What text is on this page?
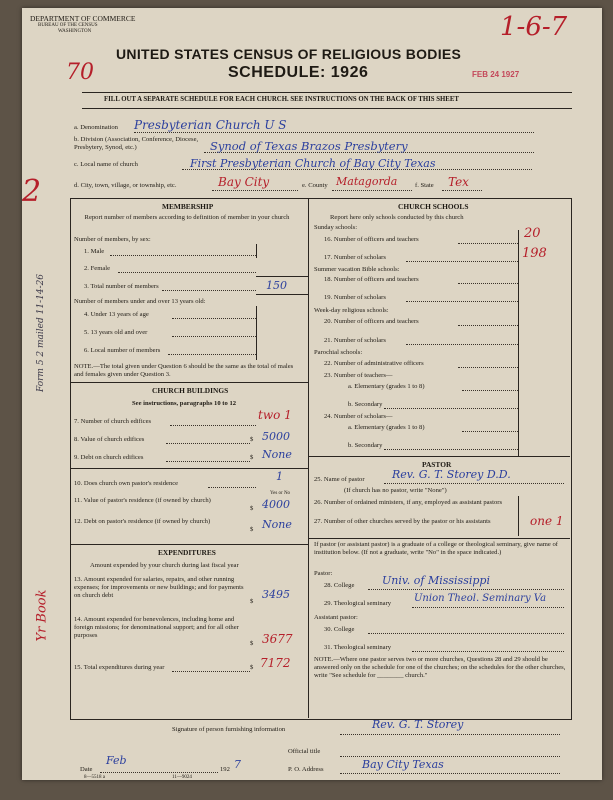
DEPARTMENT OF COMMERCE
BUREAU OF THE CENSUS
WASHINGTON
70
1-6-7
FEB 24 1927
UNITED STATES CENSUS OF RELIGIOUS BODIES
SCHEDULE: 1926
FILL OUT A SEPARATE SCHEDULE FOR EACH CHURCH. SEE INSTRUCTIONS ON THE BACK OF THIS SHEET
a. Denomination Presbyterian Church U S
b. Division (Association, Conference, Diocese, Presbytery, Synod, etc.)	Synod of Texas Brazos Presbytery
c. Local name of church	First Presbyterian Church of Bay City Texas
d. City, town, village, or township, etc.	Bay City	e. County Matagorda	f. State Tex
2
Form 5 2 mailed 11-14-26
Yr Book
MEMBERSHIP
Report number of members according to definition of member in your church
Number of members, by sex:
1. Male
2. Female
3. Total number of members	150
Number of members under and over 13 years old:
4. Under 13 years of age
5. 13 years old and over
6. Local number of members
NOTE.—The total given under Question 6 should be the same as the total of males and females given under Question 3.
CHURCH BUILDINGS
See instructions, paragraphs 10 to 12
7. Number of church edifices	two 1
8. Value of church edifices	$ 5000
9. Debt on church edifices	$ None
10. Does church own pastor's residence
Yes or No
1
11. Value of pastor's residence (if owned by church)
$ 4000
12. Debt on pastor's residence (if owned by church)
$ None
EXPENDITURES
Amount expended by your church during last fiscal year
13. Amount expended for salaries, repairs, and other running expenses; for improvements or new buildings; and for payments on church debt
$
3495
14. Amount expended for benevolences, including home and foreign missions; for denominational support; and for all other purposes
$ 3677
15. Total expenditures during year	$ 7172
CHURCH SCHOOLS
Report here only schools conducted by this church
Sunday schools:
16. Number of officers and teachers	20
17. Number of scholars	198
Summer vacation Bible schools:
18. Number of officers and teachers
19. Number of scholars
Week-day religious schools:
20. Number of officers and teachers
21. Number of scholars
Parochial schools:
22. Number of administrative officers
23. Number of teachers—
a. Elementary (grades 1 to 8)
b. Secondary
24. Number of scholars—
a. Elementary (grades 1 to 8)
b. Secondary
PASTOR
25. Name of pastor Rev. G. T. Storey D.D.
(If church has no pastor, write "None")
26. Number of ordained ministers, if any, employed as assistant pastors
27. Number of other churches served by the pastor or his assistants	one 1
If pastor (or assistant pastor) is a graduate of a college or theological seminary, give name of institution below. (If not a graduate, write "No" in the space indicated.)
Pastor:
28. College	Univ. of Mississippi
29. Theological seminary Union Theol. Seminary Va
Assistant pastor:
30. College
31. Theological seminary
NOTE.—Where one pastor serves two or more churches, Questions 28 and 29 should be answered only on the schedule for one of the churches; on the schedules for the other churches, write "See schedule for ________ church."
Signature of person furnishing information	Rev. G. T. Storey
Official title
Date
Feb
192 7
8—5518 a	11—9024
P. O. Address	Bay City Texas
